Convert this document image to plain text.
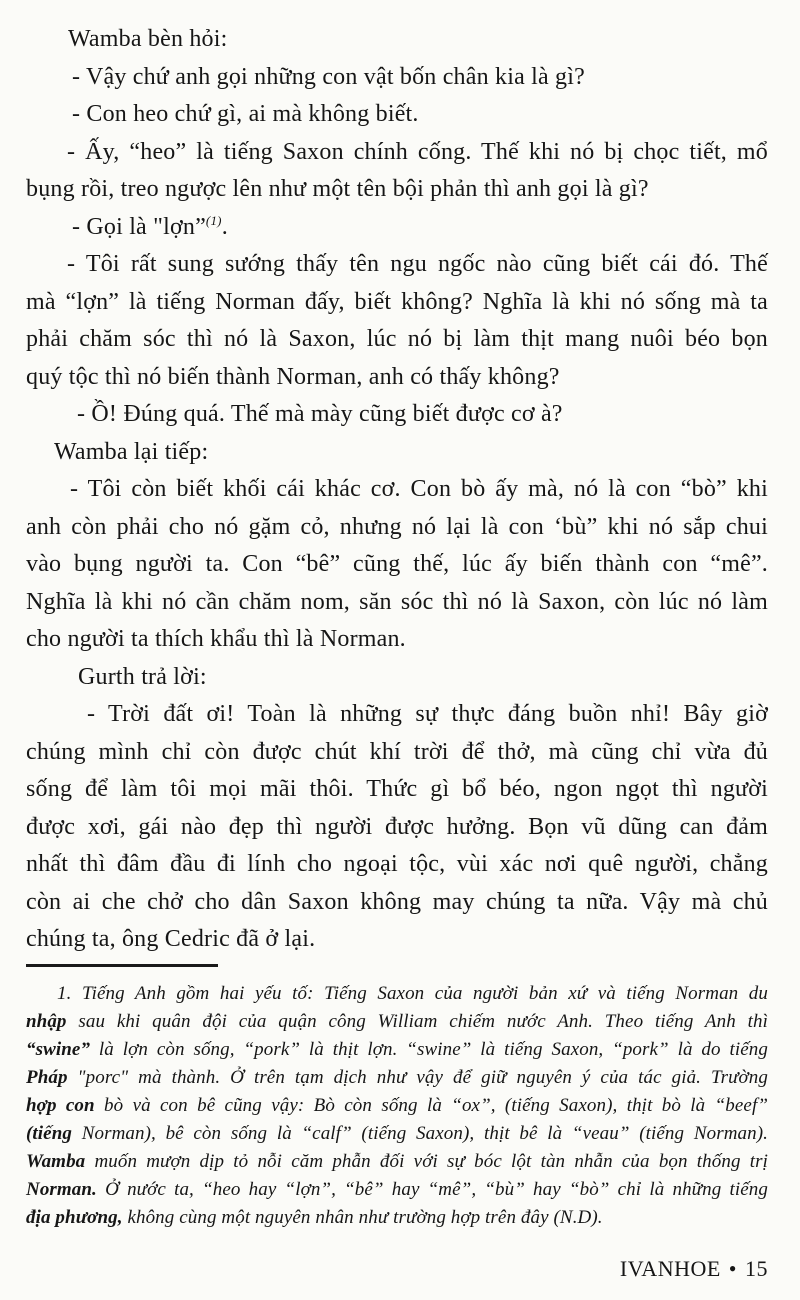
Wamba bèn hỏi:
- Vậy chứ anh gọi những con vật bốn chân kia là gì?
- Con heo chứ gì, ai mà không biết.
- Ấy, “heo” là tiếng Saxon chính cống. Thế khi nó bị chọc tiết, mổ
bụng rồi, treo ngược lên như một tên bội phản thì anh gọi là gì?
- Gọi là "lợn”$^{(1)}$.
- Tôi rất sung sướng thấy tên ngu ngốc nào cũng biết cái đó. Thế
mà “lợn” là tiếng Norman đấy, biết không? Nghĩa là khi nó sống mà ta
phải chăm sóc thì nó là Saxon, lúc nó bị làm thịt mang nuôi béo bọn
quý tộc thì nó biến thành Norman, anh có thấy không?
- Ồ! Đúng quá. Thế mà mày cũng biết được cơ à?
Wamba lại tiếp:
- Tôi còn biết khối cái khác cơ. Con bò ấy mà, nó là con “bò” khi
anh còn phải cho nó gặm cỏ, nhưng nó lại là con ‘bù” khi nó sắp chui
vào bụng người ta. Con “bê” cũng thế, lúc ấy biến thành con “mê”.
Nghĩa là khi nó cần chăm nom, săn sóc thì nó là Saxon, còn lúc nó làm
cho người ta thích khẩu thì là Norman.
Gurth trả lời:
- Trời đất ơi! Toàn là những sự thực đáng buồn nhỉ! Bây giờ
chúng mình chỉ còn được chút khí trời để thở, mà cũng chỉ vừa đủ
sống để làm tôi mọi mãi thôi. Thức gì bổ béo, ngon ngọt thì người
được xơi, gái nào đẹp thì người được hưởng. Bọn vũ dũng can đảm
nhất thì đâm đầu đi lính cho ngoại tộc, vùi xác nơi quê người, chẳng
còn ai che chở cho dân Saxon không may chúng ta nữa. Vậy mà chủ
chúng ta, ông Cedric đã ở lại.
1. Tiếng Anh gồm hai yếu tố: Tiếng Saxon của người bản xứ và tiếng Norman du
nhập sau khi quân đội của quận công William chiếm nước Anh. Theo tiếng Anh thì
“swine” là lợn còn sống, “pork” là thịt lợn. “swine” là tiếng Saxon, “pork” là do tiếng
Pháp "porc" mà thành. Ở trên tạm dịch như vậy để giữ nguyên ý của tác giả. Trường
hợp con bò và con bê cũng vậy: Bò còn sống là “ox”, (tiếng Saxon), thịt bò là “beef”
(tiếng Norman), bê còn sống là “calf” (tiếng Saxon), thịt bê là “veau” (tiếng Norman).
Wamba muốn mượn dịp tỏ nỗi căm phẫn đối với sự bóc lột tàn nhẫn của bọn thống trị
Norman. Ở nước ta, “heo hay “lợn”, “bê” hay “mê”, “bù” hay “bò” chỉ là những tiếng
địa phương, không cùng một nguyên nhân như trường hợp trên đây (N.D).
IVANHOE • 15
